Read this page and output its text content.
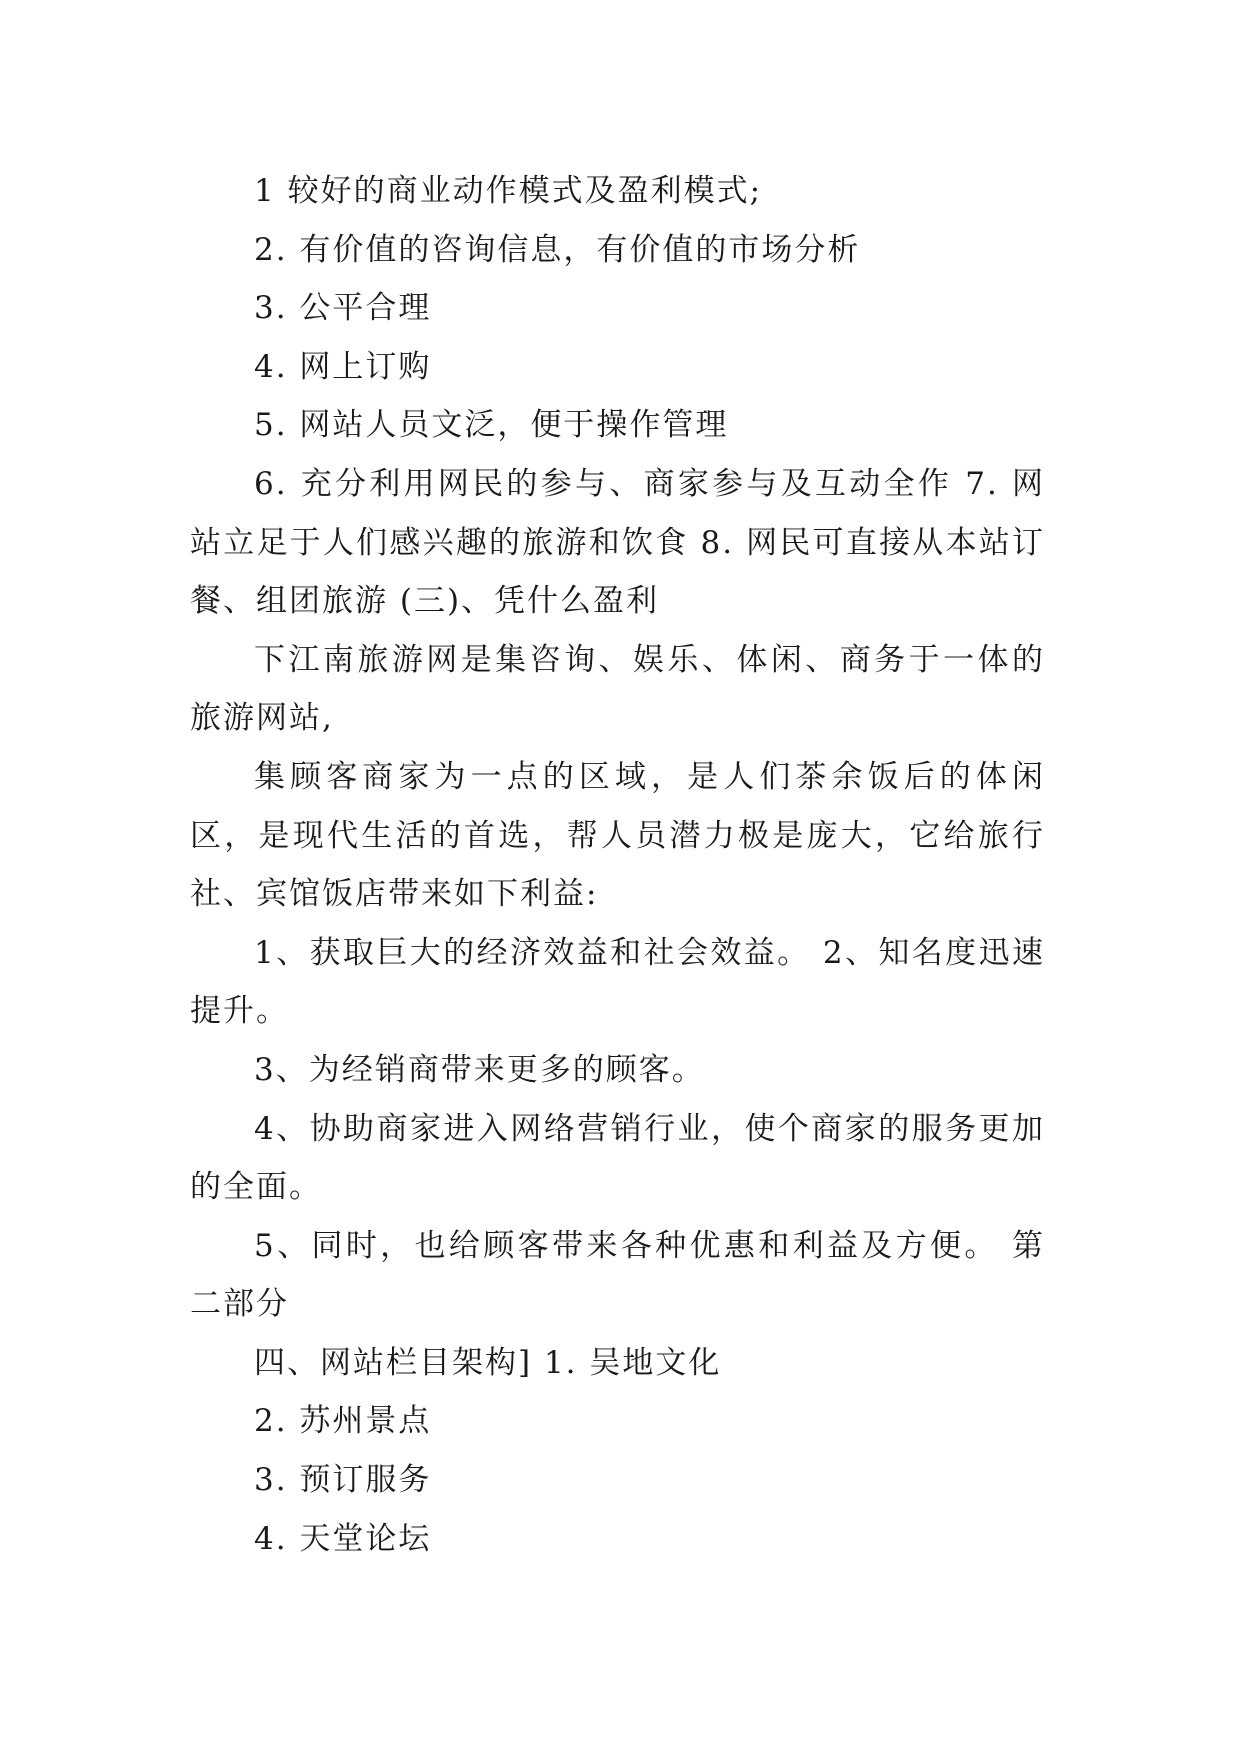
1 较好的商业动作模式及盈利模式;

2. 有价值的咨询信息，有价值的市场分析

3. 公平合理

4. 网上订购

5. 网站人员文泛，便于操作管理

6. 充分利用网民的参与、商家参与及互动全作 7. 网站立足于人们感兴趣的旅游和饮食 8. 网民可直接从本站订餐、组团旅游 (三)、凭什么盈利

下江南旅游网是集咨询、娱乐、体闲、商务于一体的旅游网站,

集顾客商家为一点的区域，是人们茶余饭后的体闲区，是现代生活的首选，帮人员潜力极是庞大，它给旅行社、宾馆饭店带来如下利益:

1、获取巨大的经济效益和社会效益。 2、知名度迅速提升。

3、为经销商带来更多的顾客。

4、协助商家进入网络营销行业，使个商家的服务更加的全面。

5、同时，也给顾客带来各种优惠和利益及方便。 第二部分

四、网站栏目架构] 1. 吴地文化

2. 苏州景点

3. 预订服务

4. 天堂论坛
